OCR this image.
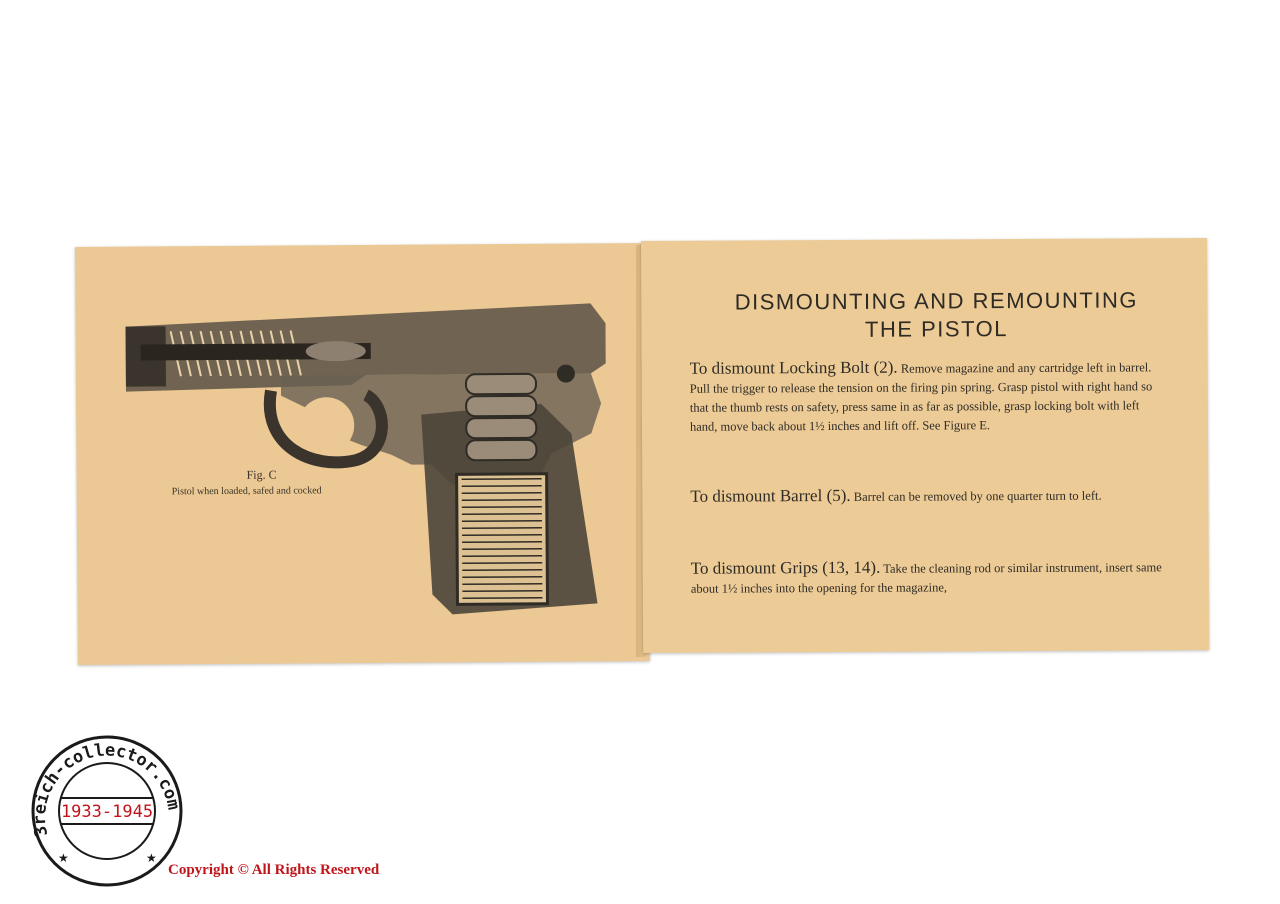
Fig. C
Pistol when loaded, safed and cocked
DISMOUNTING AND REMOUNTING
THE PISTOL
To dismount Locking Bolt (2). Remove magazine and any cartridge left in barrel. Pull the trigger to release the tension on the firing pin spring. Grasp pistol with right hand so that the thumb rests on safety, press same in as far as possible, grasp locking bolt with left hand, move back about 1½ inches and lift off. See Figure E.
To dismount Barrel (5). Barrel can be removed by one quarter turn to left.
To dismount Grips (13, 14). Take the cleaning rod or similar instrument, insert same about 1½ inches into the opening for the magazine,
3reich-collector.com
1933-1945
★	★
Copyright © All Rights Reserved
